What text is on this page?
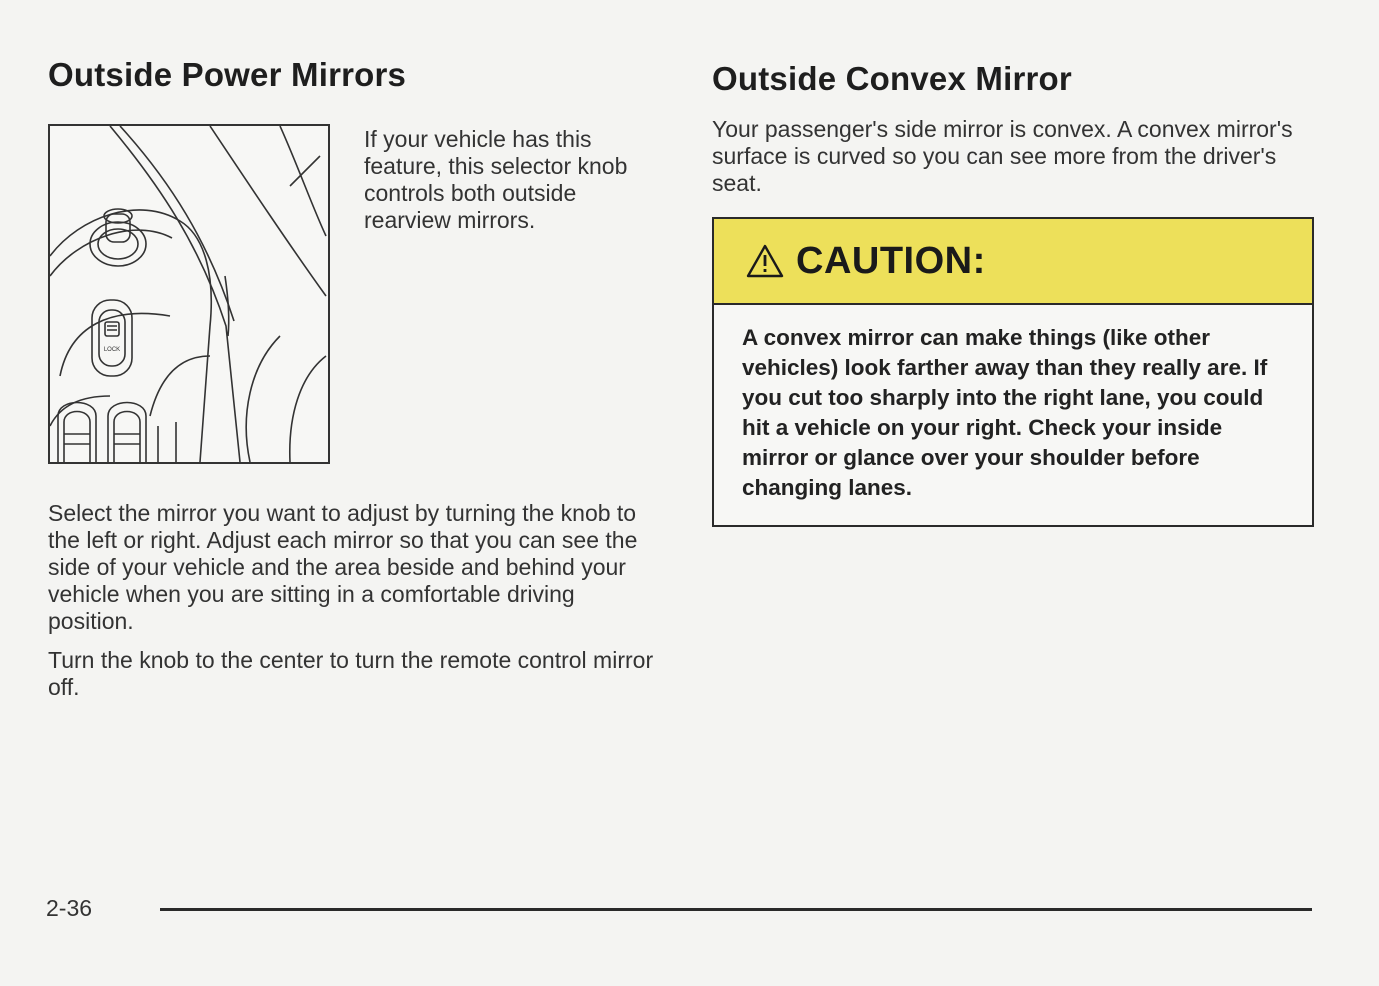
Outside Power Mirrors
LOCK
If your vehicle has this feature, this selector knob controls both outside rearview mirrors.

Select the mirror you want to adjust by turning the knob to the left or right. Adjust each mirror so that you can see the side of your vehicle and the area beside and behind your vehicle when you are sitting in a comfortable driving position.

Turn the knob to the center to turn the remote control mirror off.

Outside Convex Mirror

Your passenger's side mirror is convex. A convex mirror's surface is curved so you can see more from the driver's seat.

CAUTION:
A convex mirror can make things (like other vehicles) look farther away than they really are. If you cut too sharply into the right lane, you could hit a vehicle on your right. Check your inside mirror or glance over your shoulder before changing lanes.
2-36
